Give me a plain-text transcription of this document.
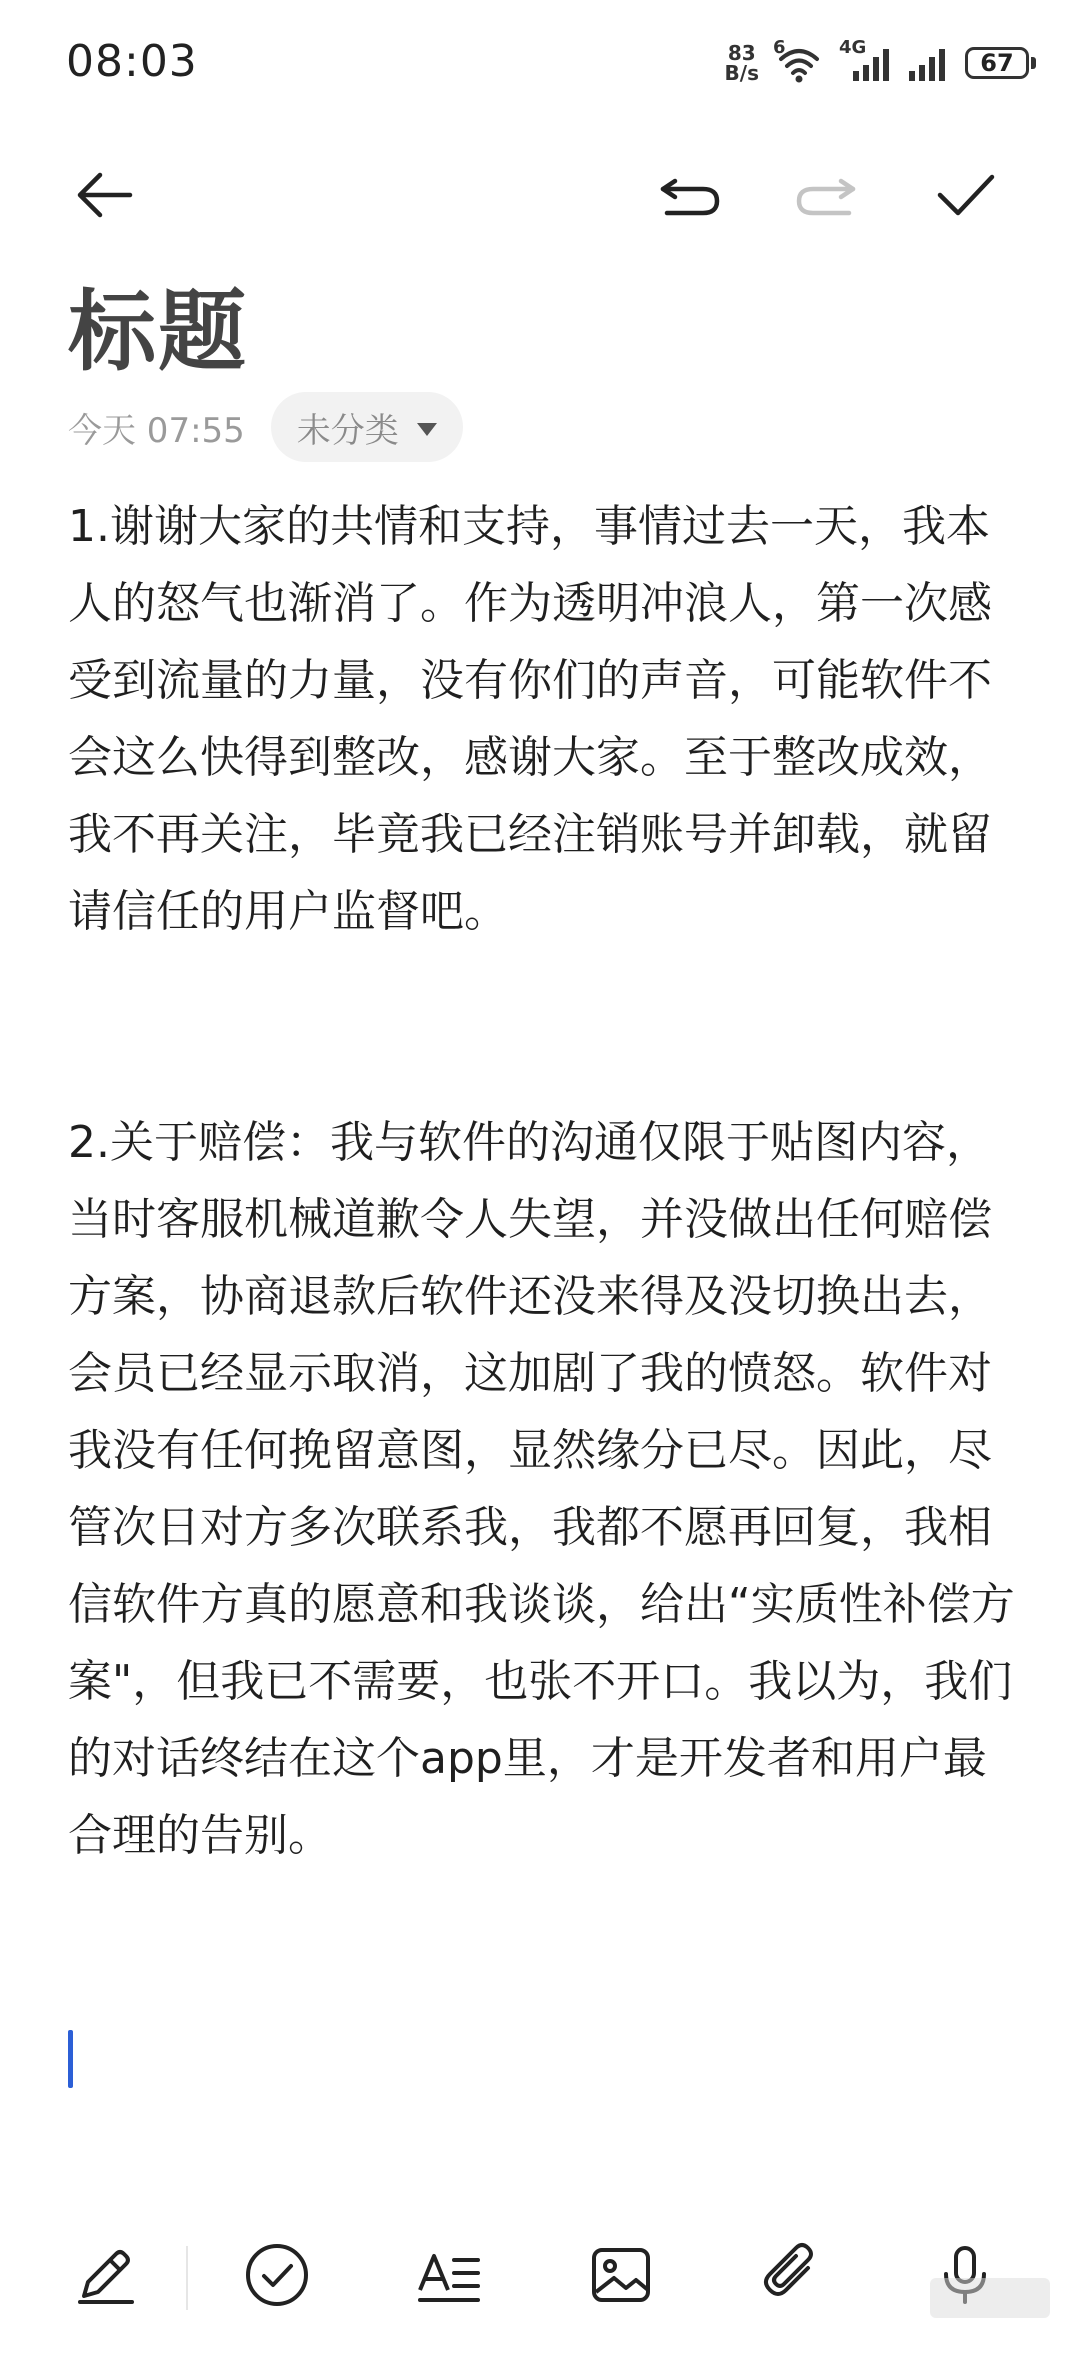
08:03	83
B/s
6	4G
67
标题
今天 07:55 未分类

1.谢谢大家的共情和支持，事情过去一天，我本人的怒气也渐消了。作为透明冲浪人，第一次感受到流量的力量，没有你们的声音，可能软件不会这么快得到整改，感谢大家。至于整改成效，我不再关注，毕竟我已经注销账号并卸载，就留请信任的用户监督吧。

2.关于赔偿：我与软件的沟通仅限于贴图内容，当时客服机械道歉令人失望，并没做出任何赔偿方案，协商退款后软件还没来得及没切换出去，会员已经显示取消，这加剧了我的愤怒。软件对我没有任何挽留意图，显然缘分已尽。因此，尽管次日对方多次联系我，我都不愿再回复，我相信软件方真的愿意和我谈谈，给出“实质性补偿方案"，但我已不需要，也张不开口。我以为，我们的对话终结在这个app里，才是开发者和用户最合理的告别。
